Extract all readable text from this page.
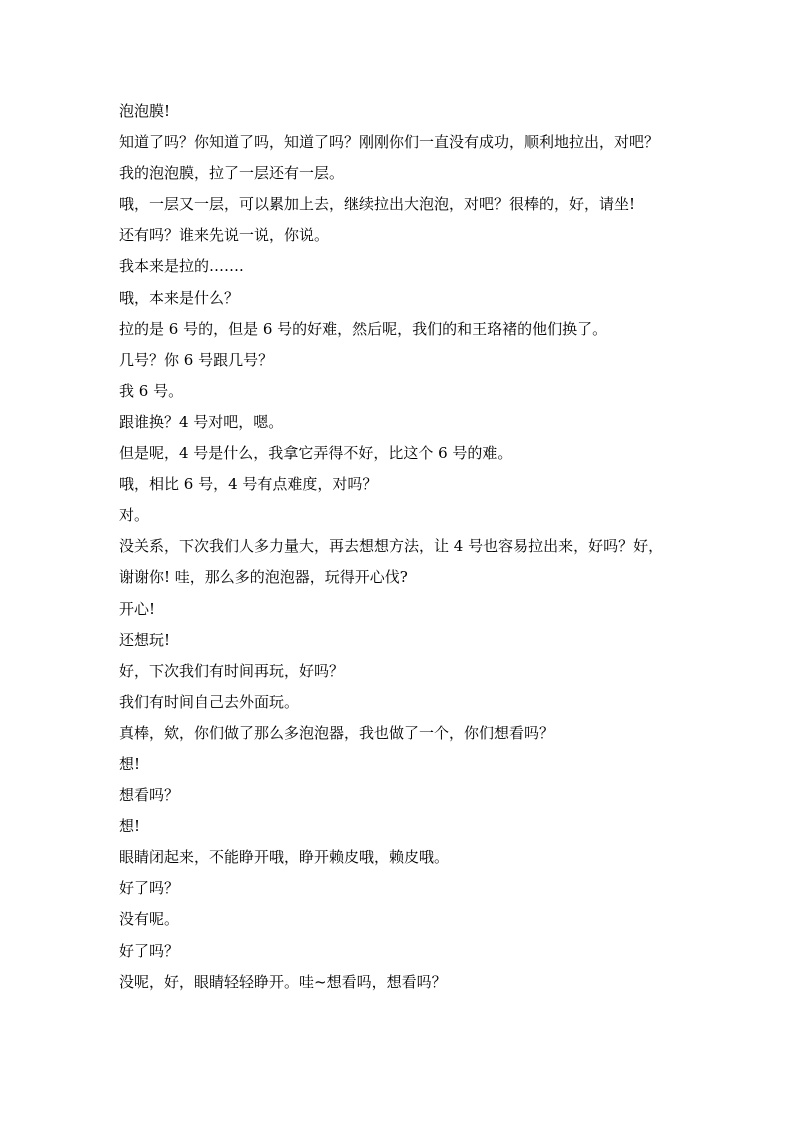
泡泡膜!
知道了吗？你知道了吗，知道了吗？刚刚你们一直没有成功，顺利地拉出，对吧？
我的泡泡膜，拉了一层还有一层。
哦，一层又一层，可以累加上去，继续拉出大泡泡，对吧？很棒的，好，请坐!
还有吗？谁来先说一说，你说。
我本来是拉的…….
哦，本来是什么？
拉的是 6 号的，但是 6 号的好难，然后呢，我们的和王珞褚的他们换了。
几号？你 6 号跟几号？
我 6 号。
跟谁换？4 号对吧，嗯。
但是呢，4 号是什么，我拿它弄得不好，比这个 6 号的难。
哦，相比 6 号，4 号有点难度，对吗？
对。
没关系，下次我们人多力量大，再去想想方法，让 4 号也容易拉出来，好吗？好，
谢谢你! 哇，那么多的泡泡器，玩得开心伐?
开心!
还想玩!
好，下次我们有时间再玩，好吗？
我们有时间自己去外面玩。
真棒，欸，你们做了那么多泡泡器，我也做了一个，你们想看吗？
想!
想看吗？
想!
眼睛闭起来，不能睁开哦，睁开赖皮哦，赖皮哦。
好了吗？
没有呢。
好了吗？
没呢，好，眼睛轻轻睁开。哇~想看吗，想看吗？
